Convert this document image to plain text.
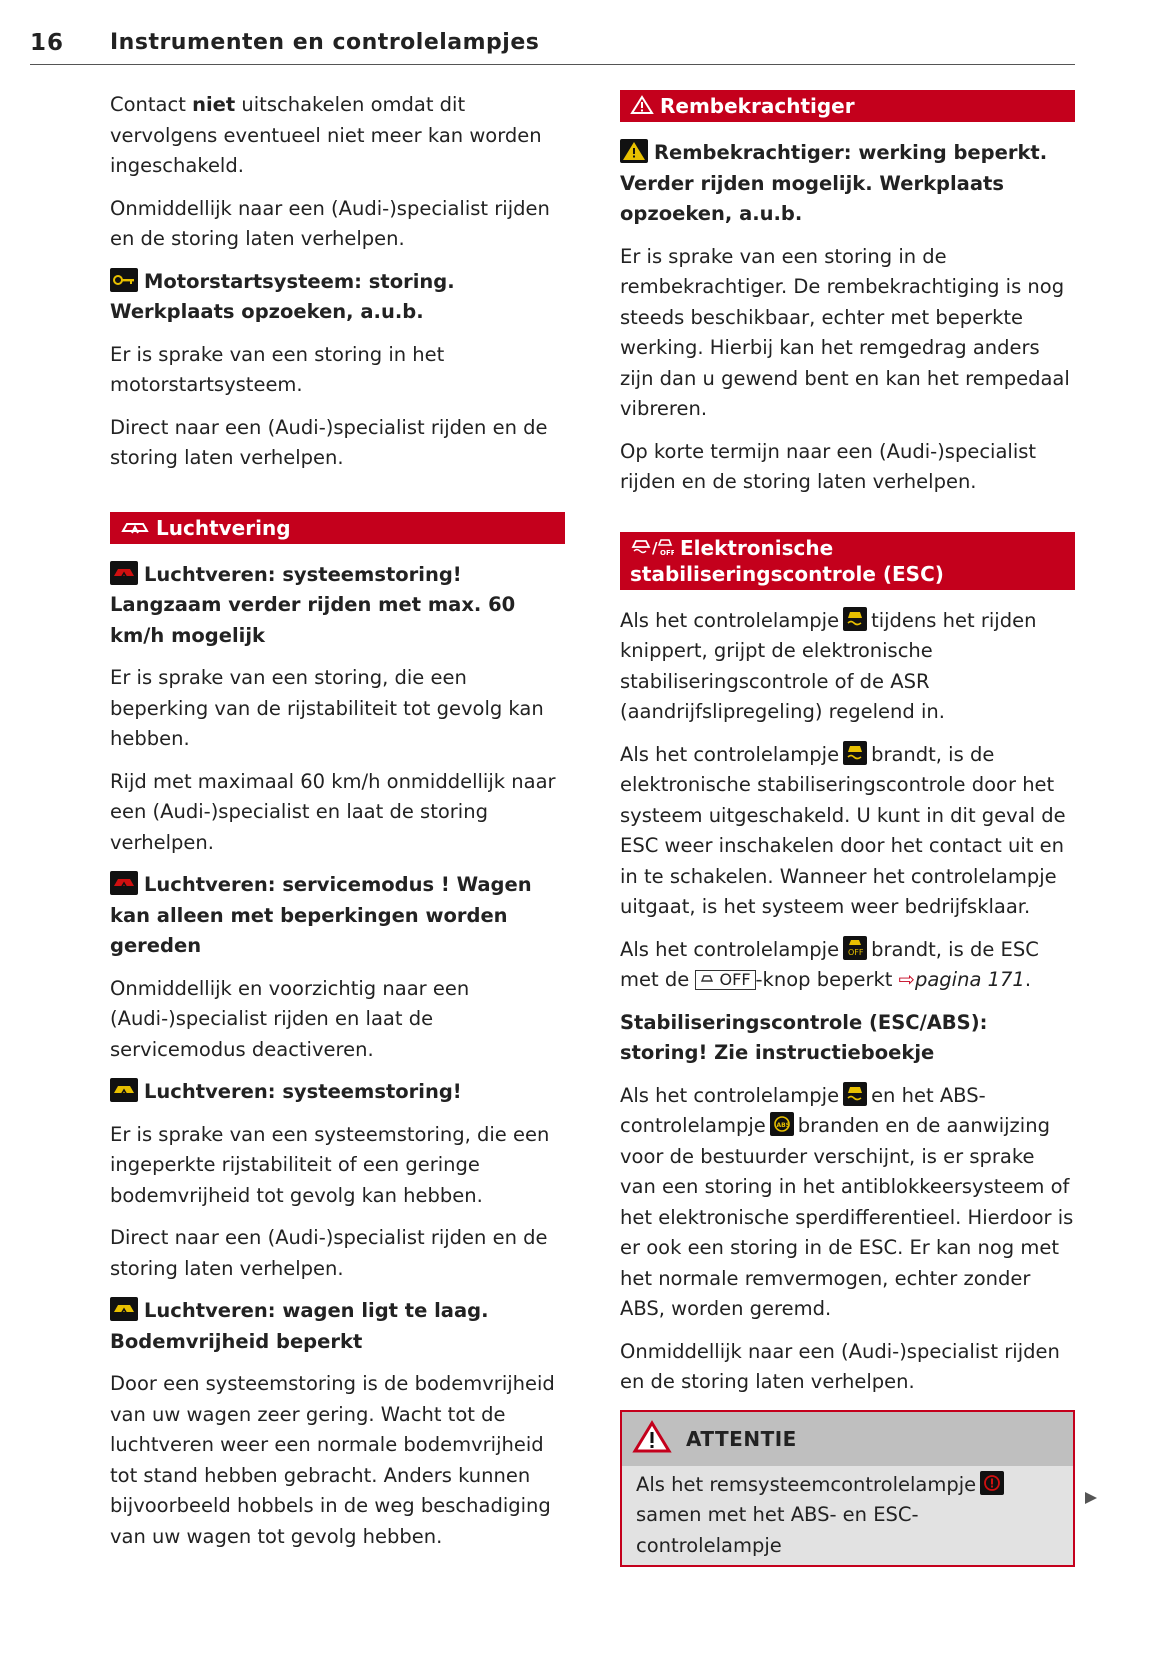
16 Instrumenten en controlelampjes

Contact niet uitschakelen omdat dit vervolgens eventueel niet meer kan worden ingeschakeld.

Onmiddellijk naar een (Audi-)specialist rijden en de storing laten verhelpen.

Motorstartsysteem: storing. Werkplaats opzoeken, a.u.b.

Er is sprake van een storing in het motorstartsysteem.

Direct naar een (Audi-)specialist rijden en de storing laten verhelpen.

Luchtvering

Luchtveren: systeemstoring! Langzaam verder rijden met max. 60 km/h mogelijk

Er is sprake van een storing, die een beperking van de rijstabiliteit tot gevolg kan hebben.

Rijd met maximaal 60 km/h onmiddellijk naar een (Audi-)specialist en laat de storing verhelpen.

Luchtveren: servicemodus ! Wagen kan alleen met beperkingen worden gereden

Onmiddellijk en voorzichtig naar een (Audi-)specialist rijden en laat de servicemodus deactiveren.

Luchtveren: systeemstoring!

Er is sprake van een systeemstoring, die een ingeperkte rijstabiliteit of een geringe bodemvrijheid tot gevolg kan hebben.

Direct naar een (Audi-)specialist rijden en de storing laten verhelpen.

Luchtveren: wagen ligt te laag. Bodemvrijheid beperkt

Door een systeemstoring is de bodemvrijheid van uw wagen zeer gering. Wacht tot de luchtveren weer een normale bodemvrijheid tot stand hebben gebracht. Anders kunnen bijvoorbeeld hobbels in de weg beschadiging van uw wagen tot gevolg hebben.

Rembekrachtiger

Rembekrachtiger: werking beperkt. Verder rijden mogelijk. Werkplaats opzoeken, a.u.b.

Er is sprake van een storing in de rembekrachtiger. De rembekrachtiging is nog steeds beschikbaar, echter met beperkte werking. Hierbij kan het remgedrag anders zijn dan u gewend bent en kan het rempedaal vibreren.

Op korte termijn naar een (Audi-)specialist rijden en de storing laten verhelpen.

/ OFF Elektronische stabiliseringscontrole (ESC)

Als het controlelampje tijdens het rijden knippert, grijpt de elektronische stabiliseringscontrole of de ASR (aandrijfslipregeling) regelend in.

Als het controlelampje brandt, is de elektronische stabiliseringscontrole door het systeem uitgeschakeld. U kunt in dit geval de ESC weer inschakelen door het contact uit en in te schakelen. Wanneer het controlelampje uitgaat, is het systeem weer bedrijfsklaar.

Als het controlelampje OFF brandt, is de ESC met de OFF -knop beperkt ⇨pagina 171.

Stabiliseringscontrole (ESC/ABS): storing! Zie instructieboekje

Als het controlelampje en het ABS-controlelampje ABS branden en de aanwijzing voor de bestuurder verschijnt, is er sprake van een storing in het antiblokkeersysteem of het elektronische sperdifferentieel. Hierdoor is er ook een storing in de ESC. Er kan nog met het normale remvermogen, echter zonder ABS, worden geremd.

Onmiddellijk naar een (Audi-)specialist rijden en de storing laten verhelpen.

ATTENTIE

Als het remsysteemcontrolelampje
samen met het ABS- en ESC-controlelampje
